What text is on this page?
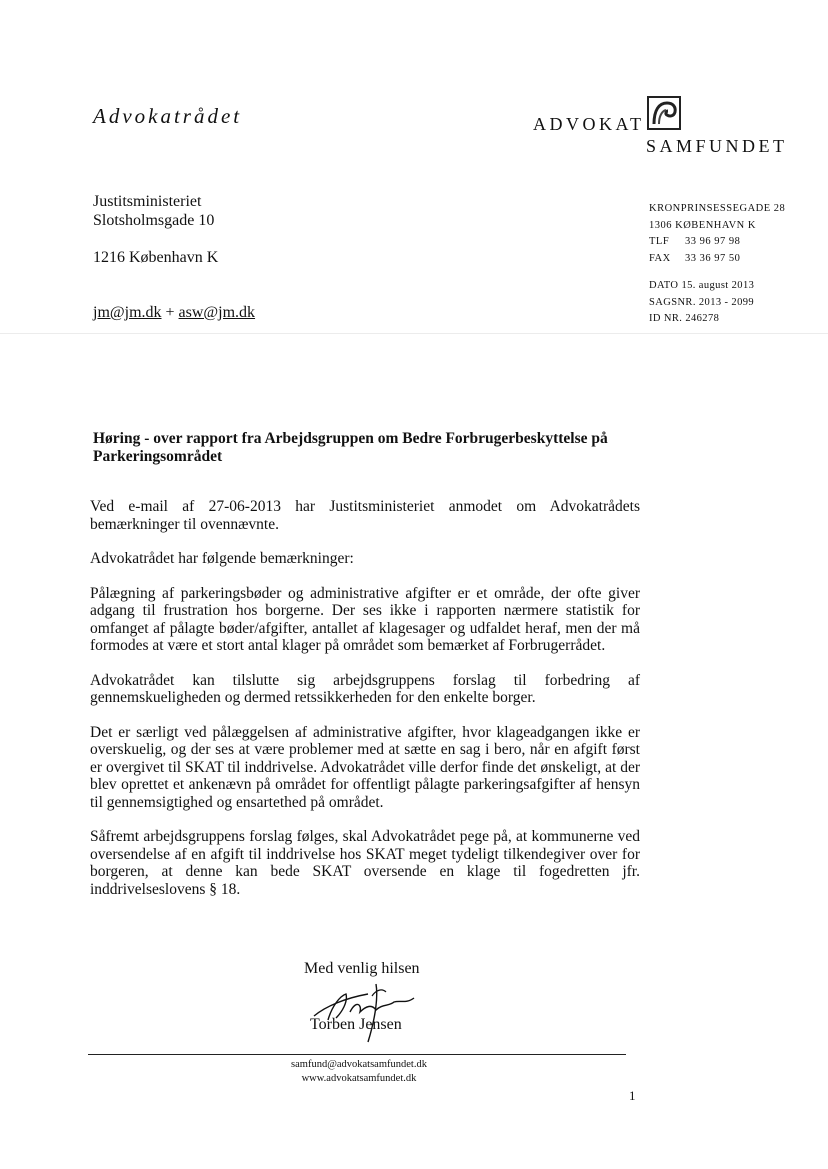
Advokatrådet	ADVOKAT
SAMFUNDET
Justitsministeriet
Slotsholmsgade 10
1216 København K
jm@jm.dk + asw@jm.dk
KRONPRINSESSEGADE 28
1306 KØBENHAVN K
TLF 33 96 97 98
FAX 33 36 97 50
DATO 15. august 2013
SAGSNR. 2013 - 2099
ID NR. 246278
Høring - over rapport fra Arbejdsgruppen om Bedre Forbrugerbeskyttelse på Parkeringsområdet

Ved e-mail af 27-06-2013 har Justitsministeriet anmodet om Advokatrådets bemærkninger til ovennævnte.

Advokatrådet har følgende bemærkninger:

Pålægning af parkeringsbøder og administrative afgifter er et område, der ofte giver adgang til frustration hos borgerne. Der ses ikke i rapporten nærmere statistik for omfanget af pålagte bøder/afgifter, antallet af klagesager og udfaldet heraf, men der må formodes at være et stort antal klager på området som bemærket af Forbrugerrådet.

Advokatrådet kan tilslutte sig arbejdsgruppens forslag til forbedring af gennemskueligheden og dermed retssikkerheden for den enkelte borger.

Det er særligt ved pålæggelsen af administrative afgifter, hvor klageadgangen ikke er overskuelig, og der ses at være problemer med at sætte en sag i bero, når en afgift først er overgivet til SKAT til inddrivelse. Advokatrådet ville derfor finde det ønskeligt, at der blev oprettet et ankenævn på området for offentligt pålagte parkeringsafgifter af hensyn til gennemsigtighed og ensartethed på området.

Såfremt arbejdsgruppens forslag følges, skal Advokatrådet pege på, at kommunerne ved oversendelse af en afgift til inddrivelse hos SKAT meget tydeligt tilkendegiver over for borgeren, at denne kan bede SKAT oversende en klage til fogedretten jfr. inddrivelseslovens § 18.

Med venlig hilsen
Torben Jensen
samfund@advokatsamfundet.dk
www.advokatsamfundet.dk
1
